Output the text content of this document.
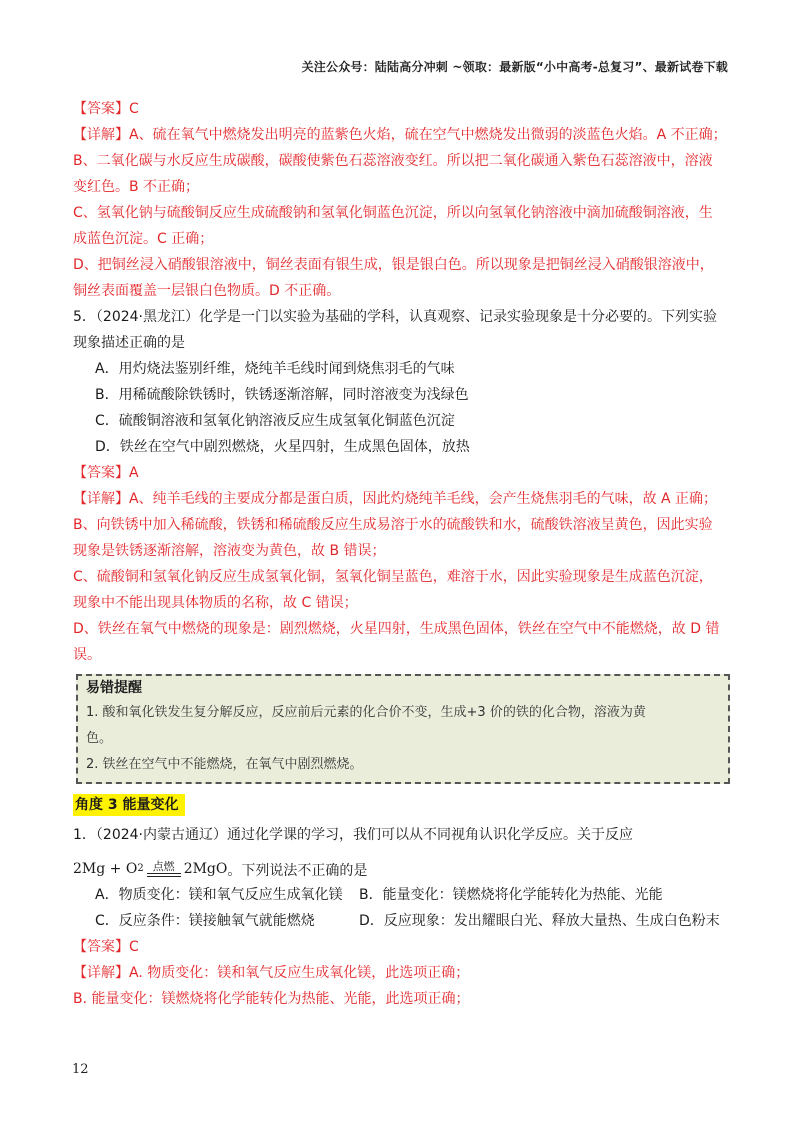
关注公众号：陆陆高分冲刺 ~领取：最新版“小中高考-总复习”、最新试卷下载

【答案】C

【详解】A、硫在氧气中燃烧发出明亮的蓝紫色火焰，硫在空气中燃烧发出微弱的淡蓝色火焰。A 不正确；

B、二氧化碳与水反应生成碳酸，碳酸使紫色石蕊溶液变红。所以把二氧化碳通入紫色石蕊溶液中，溶液

变红色。B 不正确；

C、氢氧化钠与硫酸铜反应生成硫酸钠和氢氧化铜蓝色沉淀，所以向氢氧化钠溶液中滴加硫酸铜溶液，生

成蓝色沉淀。C 正确；

D、把铜丝浸入硝酸银溶液中，铜丝表面有银生成，银是银白色。所以现象是把铜丝浸入硝酸银溶液中，

铜丝表面覆盖一层银白色物质。D 不正确。

5．（2024·黑龙江）化学是一门以实验为基础的学科，认真观察、记录实验现象是十分必要的。下列实验

现象描述正确的是

A．用灼烧法鉴别纤维，烧纯羊毛线时闻到烧焦羽毛的气味

B．用稀硫酸除铁锈时，铁锈逐渐溶解，同时溶液变为浅绿色

C．硫酸铜溶液和氢氧化钠溶液反应生成氢氧化铜蓝色沉淀

D．铁丝在空气中剧烈燃烧，火星四射，生成黑色固体，放热

【答案】A

【详解】A、纯羊毛线的主要成分都是蛋白质，因此灼烧纯羊毛线，会产生烧焦羽毛的气味，故 A 正确；

B、向铁锈中加入稀硫酸，铁锈和稀硫酸反应生成易溶于水的硫酸铁和水，硫酸铁溶液呈黄色，因此实验

现象是铁锈逐渐溶解，溶液变为黄色，故 B 错误；

C、硫酸铜和氢氧化钠反应生成氢氧化铜，氢氧化铜呈蓝色，难溶于水，因此实验现象是生成蓝色沉淀，

现象中不能出现具体物质的名称，故 C 错误；

D、铁丝在氧气中燃烧的现象是：剧烈燃烧，火星四射，生成黑色固体，铁丝在空气中不能燃烧，故 D 错

误。

易错提醒
1. 酸和氧化铁发生复分解反应，反应前后元素的化合价不变，生成+3 价的铁的化合物，溶液为黄
色。
2. 铁丝在空气中不能燃烧，在氧气中剧烈燃烧。
角度 3 能量变化

1．（2024·内蒙古通辽）通过化学课的学习，我们可以从不同视角认识化学反应。关于反应

2Mg + O 2 点燃 2MgO 。下列说法不正确的是
A．物质变化：镁和氧气反应生成氧化镁	B．能量变化：镁燃烧将化学能转化为热能、光能
C．反应条件：镁接触氧气就能燃烧	D．反应现象：发出耀眼白光、释放大量热、生成白色粉末

【答案】C

【详解】A. 物质变化：镁和氧气反应生成氧化镁，此选项正确；

B. 能量变化：镁燃烧将化学能转化为热能、光能，此选项正确；

12
